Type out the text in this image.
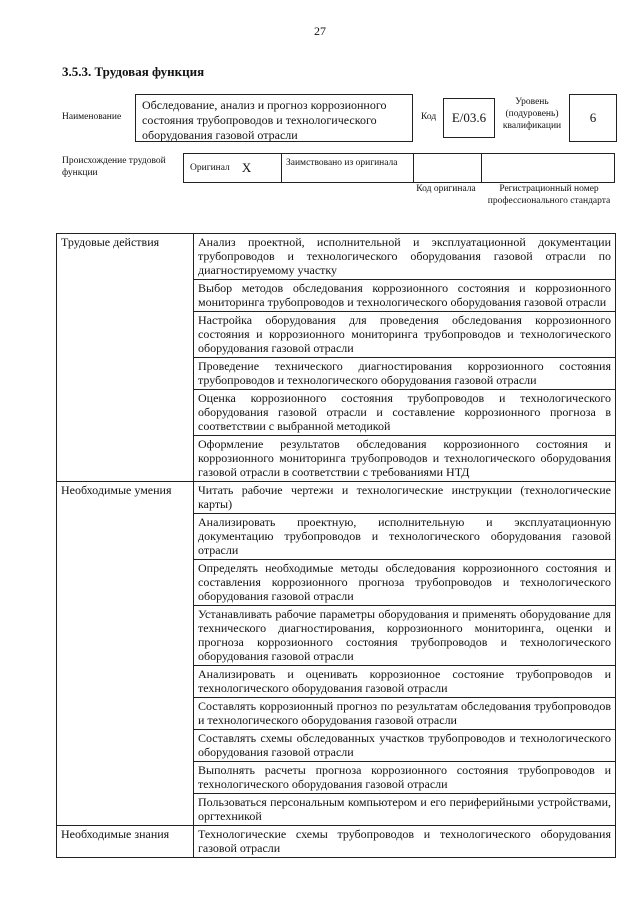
27
3.5.3. Трудовая функция
Наименование
Обследование, анализ и прогноз коррозионного состояния трубопроводов и технологического оборудования газовой отрасли
Код	E/03.6
Уровень (подуровень) квалификации
6
Происхождение трудовой функции	Оригинал X	Заимствовано из оригинала
Код оригинала	Регистрационный номер профессионального стандарта
Трудовые действия	Анализ проектной, исполнительной и эксплуатационной документации трубопроводов и технологического оборудования газовой отрасли по диагностируемому участку
	Выбор методов обследования коррозионного состояния и коррозионного мониторинга трубопроводов и технологического оборудования газовой отрасли
	Настройка оборудования для проведения обследования коррозионного состояния и коррозионного мониторинга трубопроводов и технологического оборудования газовой отрасли
	Проведение технического диагностирования коррозионного состояния трубопроводов и технологического оборудования газовой отрасли
	Оценка коррозионного состояния трубопроводов и технологического оборудования газовой отрасли и составление коррозионного прогноза в соответствии с выбранной методикой
	Оформление результатов обследования коррозионного состояния и коррозионного мониторинга трубопроводов и технологического оборудования газовой отрасли в соответствии с требованиями НТД
Необходимые умения	Читать рабочие чертежи и технологические инструкции (технологические карты)
	Анализировать проектную, исполнительную и эксплуатационную документацию трубопроводов и технологического оборудования газовой отрасли
	Определять необходимые методы обследования коррозионного состояния и составления коррозионного прогноза трубопроводов и технологического оборудования газовой отрасли
	Устанавливать рабочие параметры оборудования и применять оборудование для технического диагностирования, коррозионного мониторинга, оценки и прогноза коррозионного состояния трубопроводов и технологического оборудования газовой отрасли
	Анализировать и оценивать коррозионное состояние трубопроводов и технологического оборудования газовой отрасли
	Составлять коррозионный прогноз по результатам обследования трубопроводов и технологического оборудования газовой отрасли
	Составлять схемы обследованных участков трубопроводов и технологического оборудования газовой отрасли
	Выполнять расчеты прогноза коррозионного состояния трубопроводов и технологического оборудования газовой отрасли
	Пользоваться персональным компьютером и его периферийными устройствами, оргтехникой
Необходимые знания	Технологические схемы трубопроводов и технологического оборудования газовой отрасли
